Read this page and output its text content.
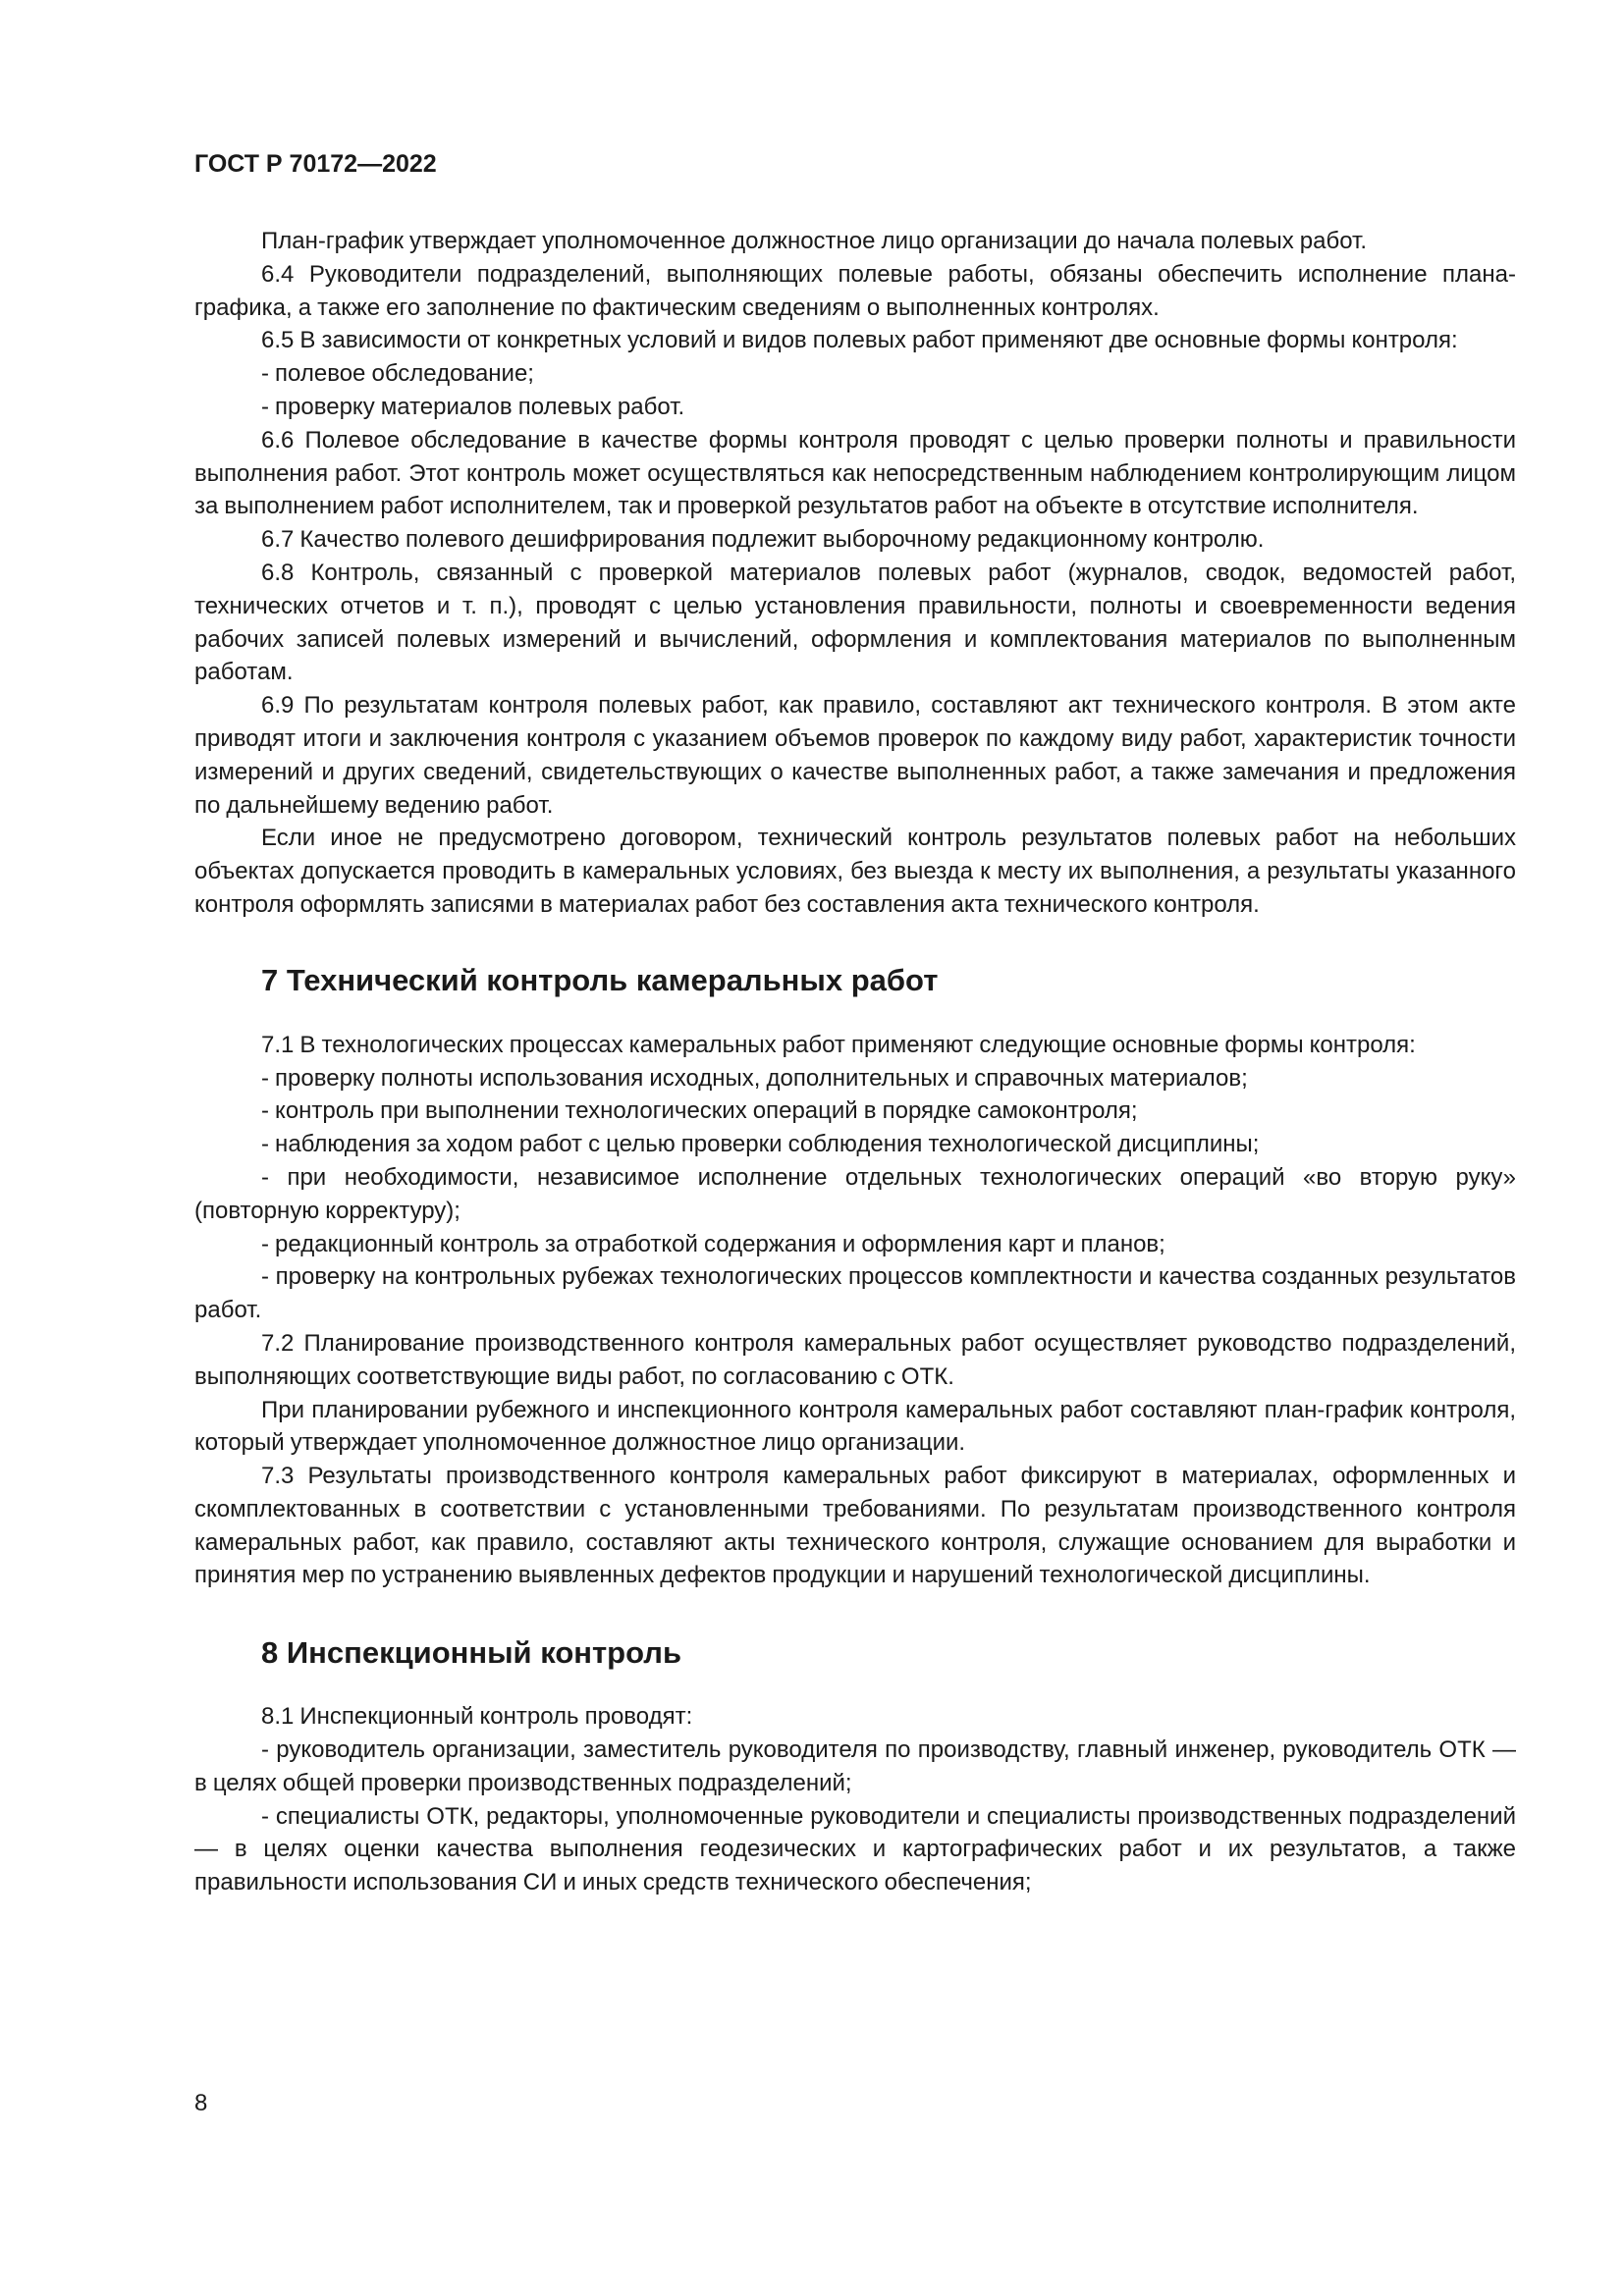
ГОСТ Р 70172—2022

План-график утверждает уполномоченное должностное лицо организации до начала полевых работ.

6.4 Руководители подразделений, выполняющих полевые работы, обязаны обеспечить исполнение плана-графика, а также его заполнение по фактическим сведениям о выполненных контролях.

6.5 В зависимости от конкретных условий и видов полевых работ применяют две основные формы контроля:

- полевое обследование;

- проверку материалов полевых работ.

6.6 Полевое обследование в качестве формы контроля проводят с целью проверки полноты и правильности выполнения работ. Этот контроль может осуществляться как непосредственным наблюдением контролирующим лицом за выполнением работ исполнителем, так и проверкой результатов работ на объекте в отсутствие исполнителя.

6.7 Качество полевого дешифрирования подлежит выборочному редакционному контролю.

6.8 Контроль, связанный с проверкой материалов полевых работ (журналов, сводок, ведомостей работ, технических отчетов и т. п.), проводят с целью установления правильности, полноты и своевременности ведения рабочих записей полевых измерений и вычислений, оформления и комплектования материалов по выполненным работам.

6.9 По результатам контроля полевых работ, как правило, составляют акт технического контроля. В этом акте приводят итоги и заключения контроля с указанием объемов проверок по каждому виду работ, характеристик точности измерений и других сведений, свидетельствующих о качестве выполненных работ, а также замечания и предложения по дальнейшему ведению работ.

Если иное не предусмотрено договором, технический контроль результатов полевых работ на небольших объектах допускается проводить в камеральных условиях, без выезда к месту их выполнения, а результаты указанного контроля оформлять записями в материалах работ без составления акта технического контроля.

7 Технический контроль камеральных работ

7.1 В технологических процессах камеральных работ применяют следующие основные формы контроля:

- проверку полноты использования исходных, дополнительных и справочных материалов;

- контроль при выполнении технологических операций в порядке самоконтроля;

- наблюдения за ходом работ с целью проверки соблюдения технологической дисциплины;

- при необходимости, независимое исполнение отдельных технологических операций «во вторую руку» (повторную корректуру);

- редакционный контроль за отработкой содержания и оформления карт и планов;

- проверку на контрольных рубежах технологических процессов комплектности и качества созданных результатов работ.

7.2 Планирование производственного контроля камеральных работ осуществляет руководство подразделений, выполняющих соответствующие виды работ, по согласованию с ОТК.

При планировании рубежного и инспекционного контроля камеральных работ составляют план-график контроля, который утверждает уполномоченное должностное лицо организации.

7.3 Результаты производственного контроля камеральных работ фиксируют в материалах, оформленных и скомплектованных в соответствии с установленными требованиями. По результатам производственного контроля камеральных работ, как правило, составляют акты технического контроля, служащие основанием для выработки и принятия мер по устранению выявленных дефектов продукции и нарушений технологической дисциплины.

8 Инспекционный контроль

8.1 Инспекционный контроль проводят:

- руководитель организации, заместитель руководителя по производству, главный инженер, руководитель ОТК — в целях общей проверки производственных подразделений;

- специалисты ОТК, редакторы, уполномоченные руководители и специалисты производственных подразделений — в целях оценки качества выполнения геодезических и картографических работ и их результатов, а также правильности использования СИ и иных средств технического обеспечения;

8
